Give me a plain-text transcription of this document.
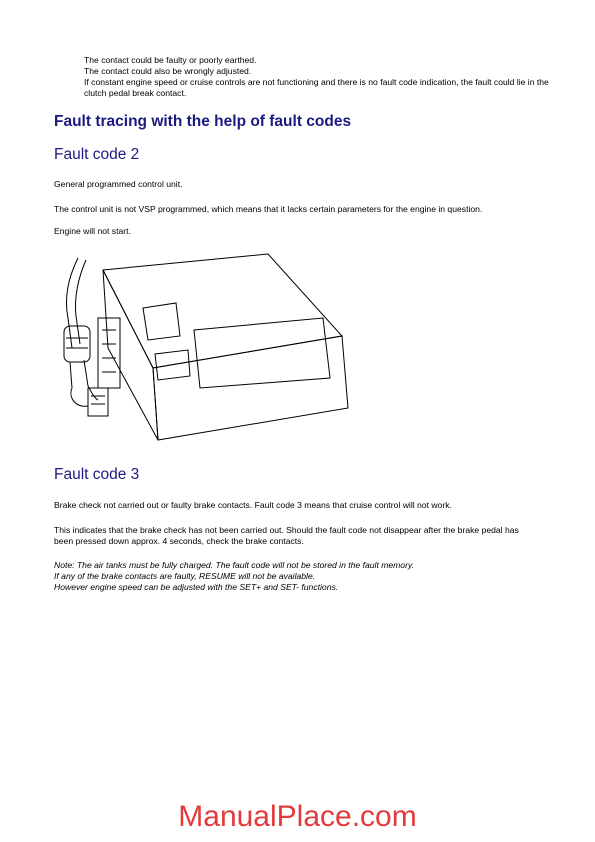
The contact could be faulty or poorly earthed.
The contact could also be wrongly adjusted.
If constant engine speed or cruise controls are not functioning and there is no fault code indication, the fault could lie in the clutch pedal break contact.
Fault tracing with the help of fault codes
Fault code 2

General programmed control unit.

The control unit is not VSP programmed, which means that it lacks certain parameters for the engine in question.

Engine will not start.

Fault code 3

Brake check not carried out or faulty brake contacts. Fault code 3 means that cruise control will not work.

This indicates that the brake check has not been carried out. Should the fault code not disappear after the brake pedal has been pressed down approx. 4 seconds, check the brake contacts.

Note: The air tanks must be fully charged. The fault code will not be stored in the fault memory.
If any of the brake contacts are faulty, RESUME will not be available.
However engine speed can be adjusted with the SET+ and SET- functions.

ManualPlace.com
